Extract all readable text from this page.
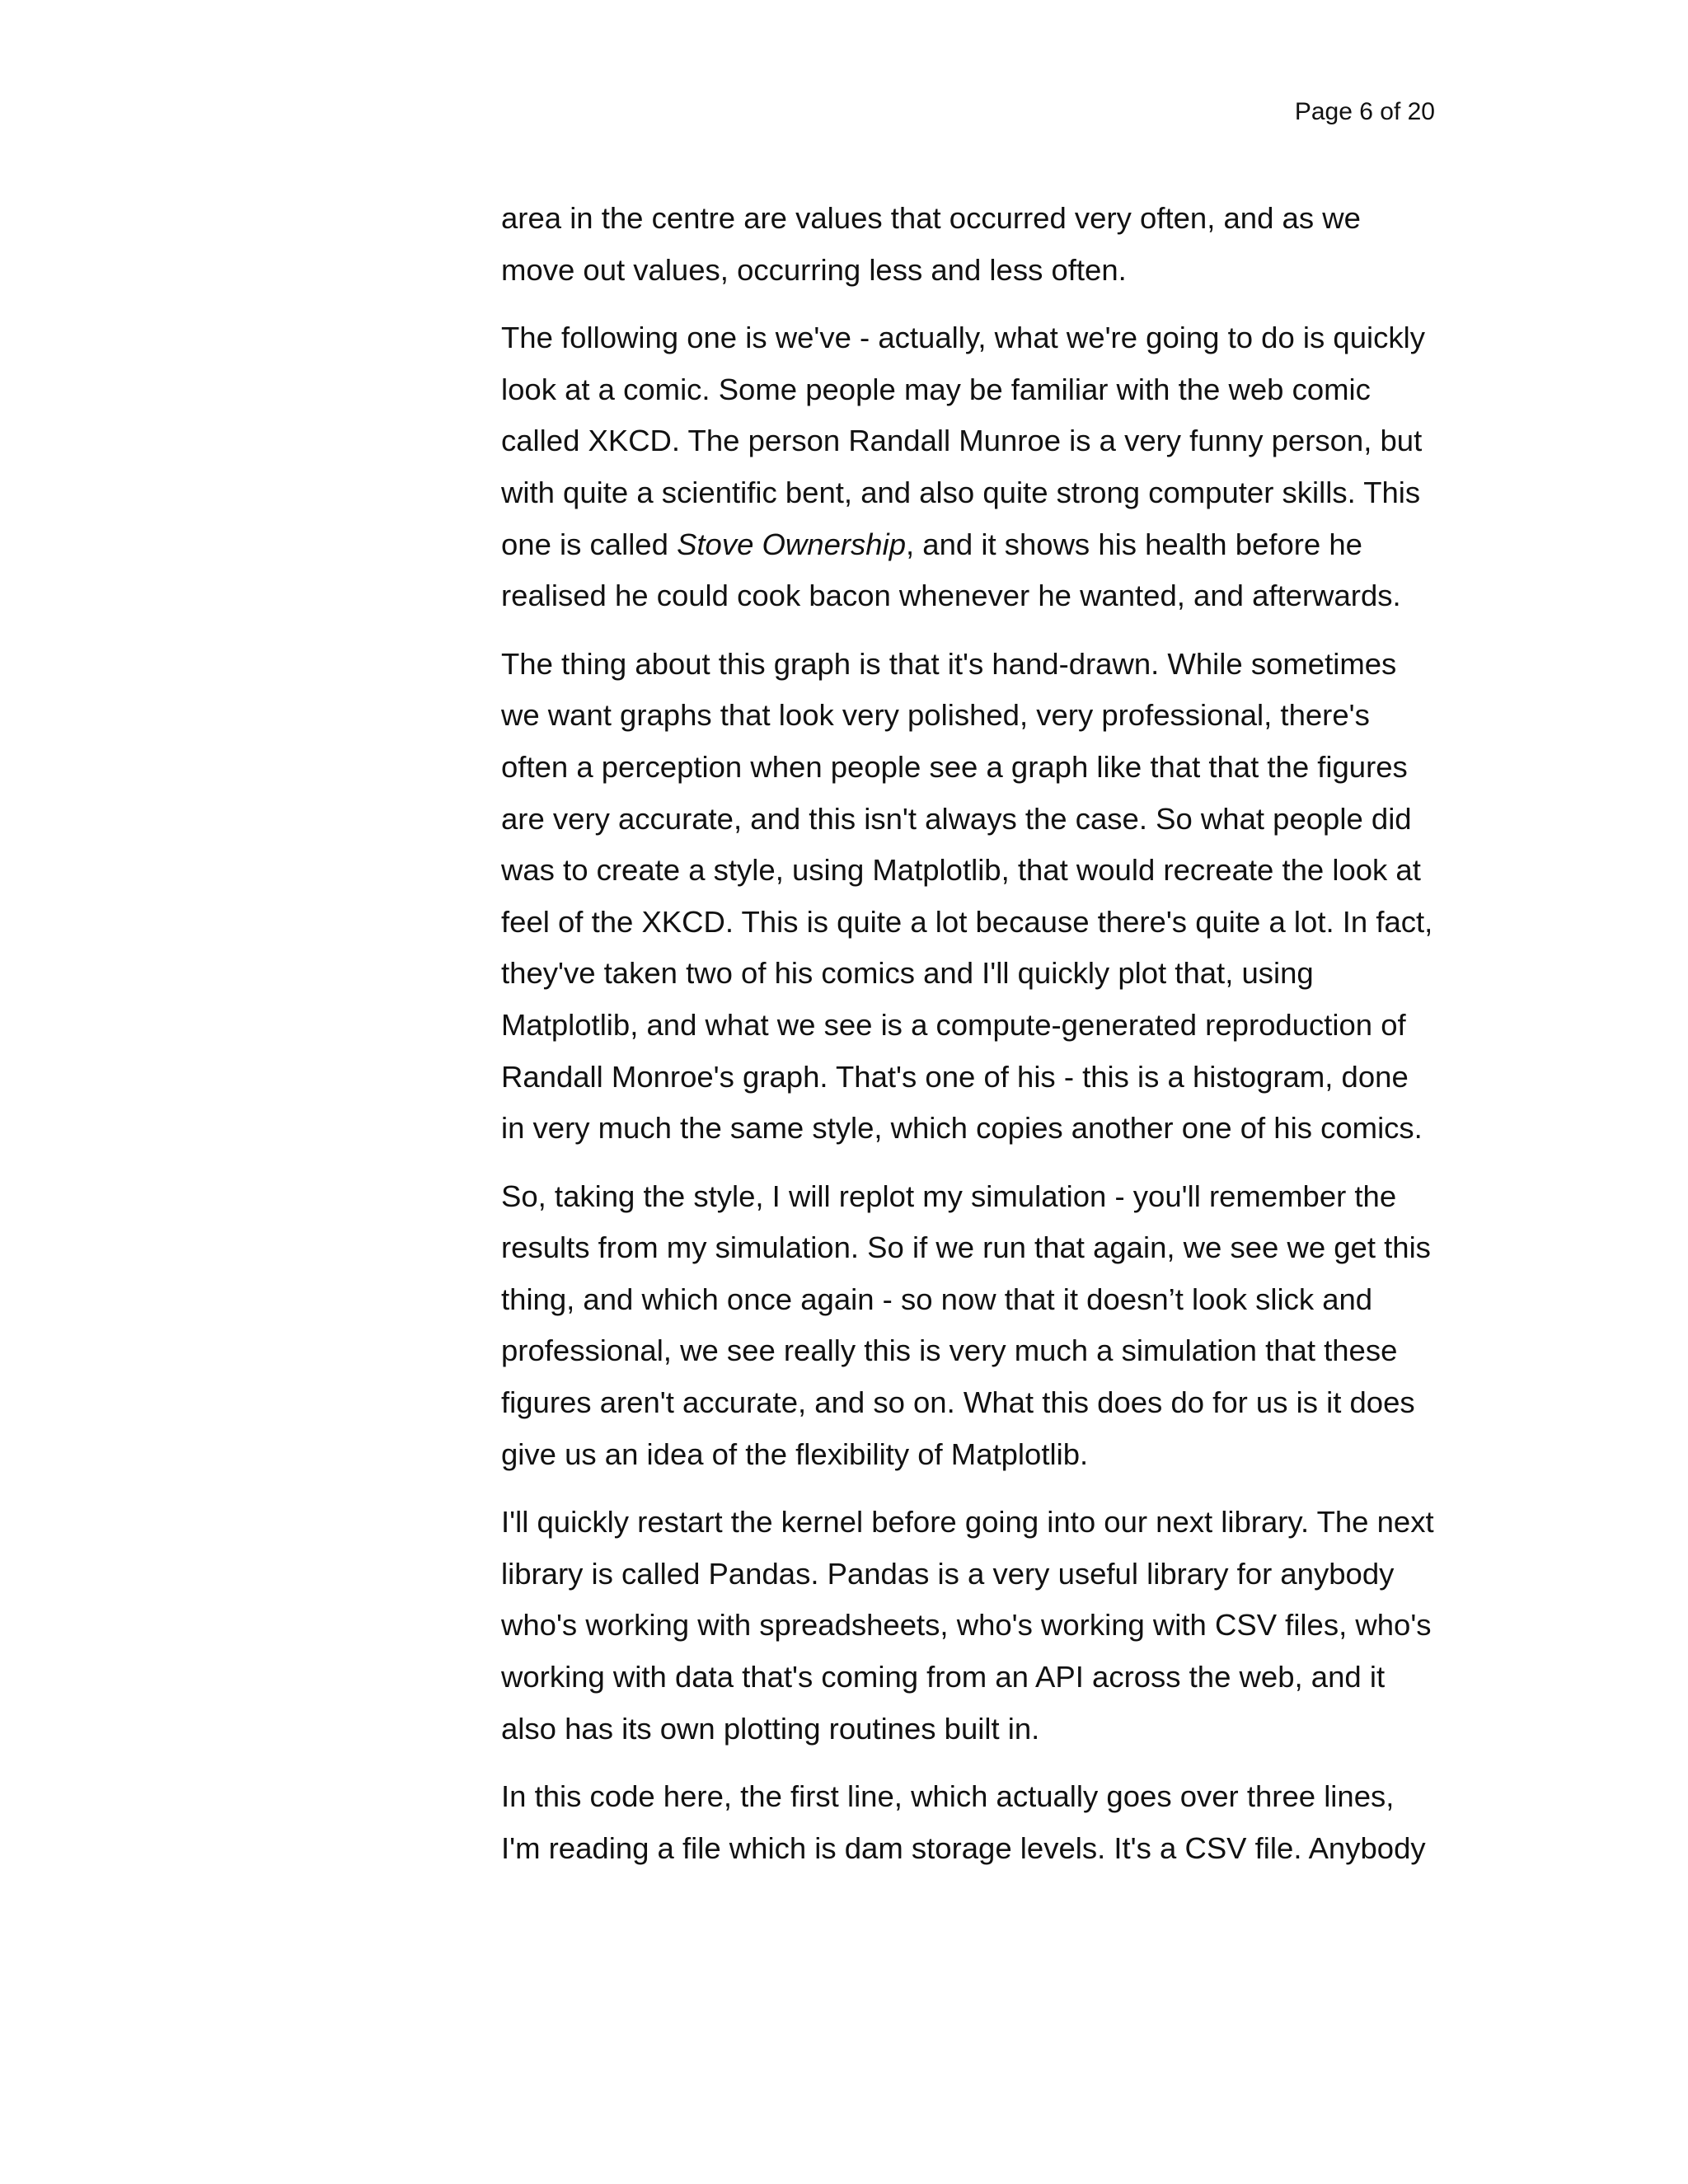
Page 6 of 20

area in the centre are values that occurred very often, and as we
move out values, occurring less and less often.

The following one is we've - actually, what we're going to do is quickly
look at a comic. Some people may be familiar with the web comic
called XKCD. The person Randall Munroe is a very funny person, but
with quite a scientific bent, and also quite strong computer skills. This
one is called Stove Ownership, and it shows his health before he
realised he could cook bacon whenever he wanted, and afterwards.

The thing about this graph is that it's hand-drawn. While sometimes
we want graphs that look very polished, very professional, there's
often a perception when people see a graph like that that the figures
are very accurate, and this isn't always the case. So what people did
was to create a style, using Matplotlib, that would recreate the look at
feel of the XKCD. This is quite a lot because there's quite a lot. In fact,
they've taken two of his comics and I'll quickly plot that, using
Matplotlib, and what we see is a compute-generated reproduction of
Randall Monroe's graph. That's one of his - this is a histogram, done
in very much the same style, which copies another one of his comics.

So, taking the style, I will replot my simulation - you'll remember the
results from my simulation. So if we run that again, we see we get this
thing, and which once again - so now that it doesn’t look slick and
professional, we see really this is very much a simulation that these
figures aren't accurate, and so on. What this does do for us is it does
give us an idea of the flexibility of Matplotlib.

I'll quickly restart the kernel before going into our next library. The next
library is called Pandas. Pandas is a very useful library for anybody
who's working with spreadsheets, who's working with CSV files, who's
working with data that's coming from an API across the web, and it
also has its own plotting routines built in.

In this code here, the first line, which actually goes over three lines,
I'm reading a file which is dam storage levels. It's a CSV file. Anybody
